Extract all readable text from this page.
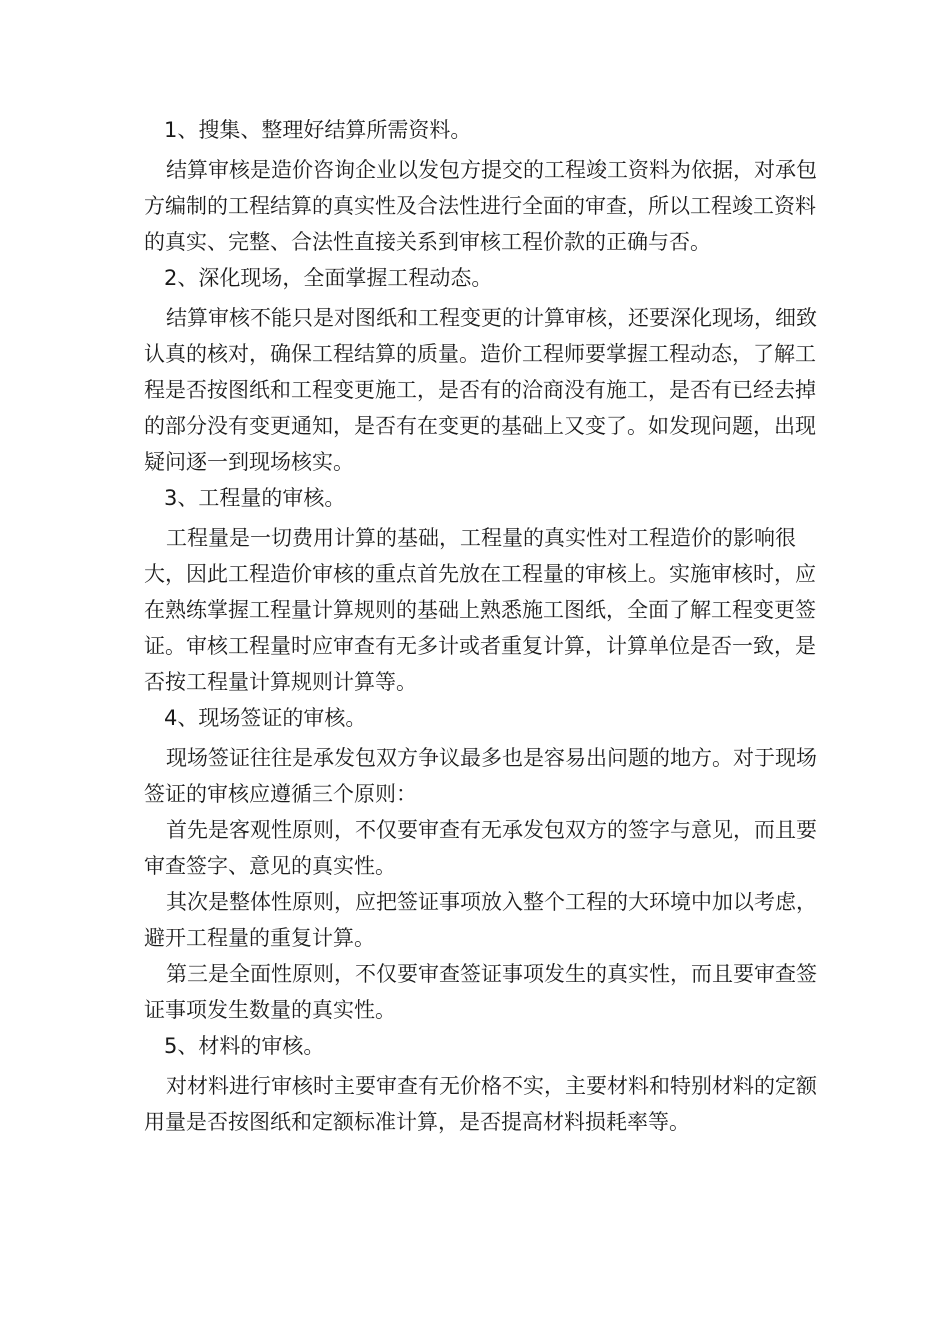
1、搜集、整理好结算所需资料。

结算审核是造价咨询企业以发包方提交的工程竣工资料为依据，对承包方编制的工程结算的真实性及合法性进行全面的审查，所以工程竣工资料的真实、完整、合法性直接关系到审核工程价款的正确与否。

2、深化现场，全面掌握工程动态。

结算审核不能只是对图纸和工程变更的计算审核，还要深化现场，细致认真的核对，确保工程结算的质量。造价工程师要掌握工程动态，了解工程是否按图纸和工程变更施工，是否有的洽商没有施工，是否有已经去掉的部分没有变更通知，是否有在变更的基础上又变了。如发现问题，出现疑问逐一到现场核实。

3、工程量的审核。

工程量是一切费用计算的基础，工程量的真实性对工程造价的影响很大，因此工程造价审核的重点首先放在工程量的审核上。实施审核时，应在熟练掌握工程量计算规则的基础上熟悉施工图纸，全面了解工程变更签证。审核工程量时应审查有无多计或者重复计算，计算单位是否一致，是否按工程量计算规则计算等。

4、现场签证的审核。

现场签证往往是承发包双方争议最多也是容易出问题的地方。对于现场签证的审核应遵循三个原则：

首先是客观性原则，不仅要审查有无承发包双方的签字与意见，而且要审查签字、意见的真实性。

其次是整体性原则，应把签证事项放入整个工程的大环境中加以考虑，避开工程量的重复计算。

第三是全面性原则，不仅要审查签证事项发生的真实性，而且要审查签证事项发生数量的真实性。

5、材料的审核。

对材料进行审核时主要审查有无价格不实，主要材料和特别材料的定额用量是否按图纸和定额标准计算，是否提高材料损耗率等。
